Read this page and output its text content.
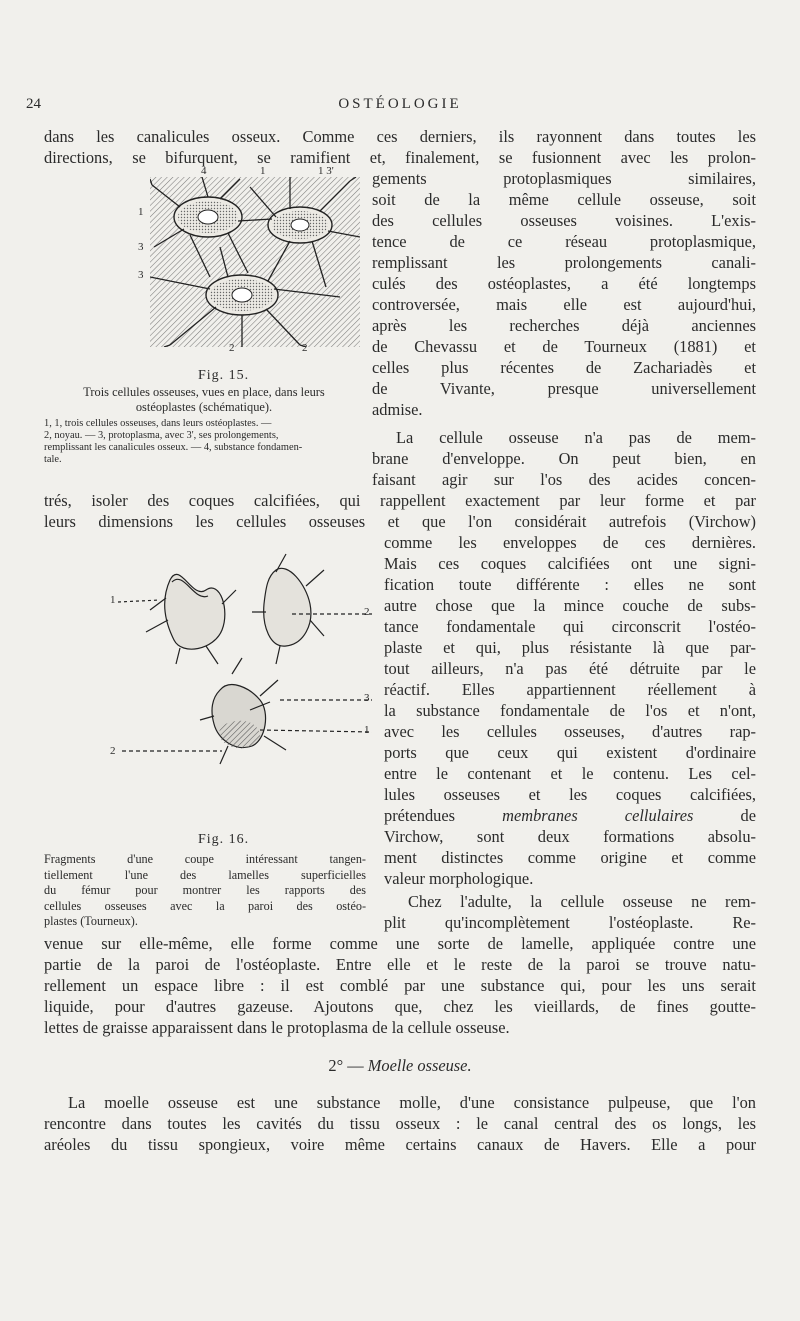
24	OSTÉOLOGIE

dans les canalicules osseux. Comme ces derniers, ils rayonnent dans toutes les

directions, se bifurquent, se ramifient et, finalement, se fusionnent avec les prolon-

4	1	1 3'
1
3
3
2	2
Fig. 15.

Trois cellules osseuses, vues en place, dans leurs
ostéoplastes (schématique).

1, 1, trois cellules osseuses, dans leurs ostéoplastes. —
2, noyau. — 3, protoplasma, avec 3', ses prolongements,
remplissant les canalicules osseux. — 4, substance fondamen-
tale.

gements protoplasmiques similaires,

soit de la même cellule osseuse, soit

des cellules osseuses voisines. L'exis-

tence de ce réseau protoplasmique,

remplissant les prolongements canali-

culés des ostéoplastes, a été longtemps

controversée, mais elle est aujourd'hui,

après les recherches déjà anciennes

de Chevassu et de Tourneux (1881) et

celles plus récentes de Zachariadès et

de Vivante, presque universellement

admise.

La cellule osseuse n'a pas de mem-

brane d'enveloppe. On peut bien, en

faisant agir sur l'os des acides concen-

trés, isoler des coques calcifiées, qui rappellent exactement par leur forme et par

leurs dimensions les cellules osseuses et que l'on considérait autrefois (Virchow)

1
2
3
2
1
Fig. 16.

Fragments d'une coupe intéressant tangen-
tiellement l'une des lamelles superficielles
du fémur pour montrer les rapports des
cellules osseuses avec la paroi des ostéo-
plastes (Tourneux).

comme les enveloppes de ces dernières.

Mais ces coques calcifiées ont une signi-

fication toute différente : elles ne sont

autre chose que la mince couche de subs-

tance fondamentale qui circonscrit l'ostéo-

plaste et qui, plus résistante là que par-

tout ailleurs, n'a pas été détruite par le

réactif. Elles appartiennent réellement à

la substance fondamentale de l'os et n'ont,

avec les cellules osseuses, d'autres rap-

ports que ceux qui existent d'ordinaire

entre le contenant et le contenu. Les cel-

lules osseuses et les coques calcifiées,

prétendues	membranes cellulaires	de

Virchow, sont deux formations absolu-

ment distinctes comme origine et comme

valeur morphologique.

Chez l'adulte, la cellule osseuse ne rem-

plit qu'incomplètement l'ostéoplaste. Re-

venue sur elle-même, elle forme comme une sorte de lamelle, appliquée contre une

partie de la paroi de l'ostéoplaste. Entre elle et le reste de la paroi se trouve natu-

rellement un espace libre : il est comblé par une substance qui, pour les uns serait

liquide, pour d'autres gazeuse. Ajoutons que, chez les vieillards, de fines goutte-

lettes de graisse apparaissent dans le protoplasma de la cellule osseuse.

2° — Moelle osseuse.

La moelle osseuse est une substance molle, d'une consistance pulpeuse, que l'on

rencontre dans toutes les cavités du tissu osseux : le canal central des os longs, les

aréoles du tissu spongieux, voire même certains canaux de Havers. Elle a pour
